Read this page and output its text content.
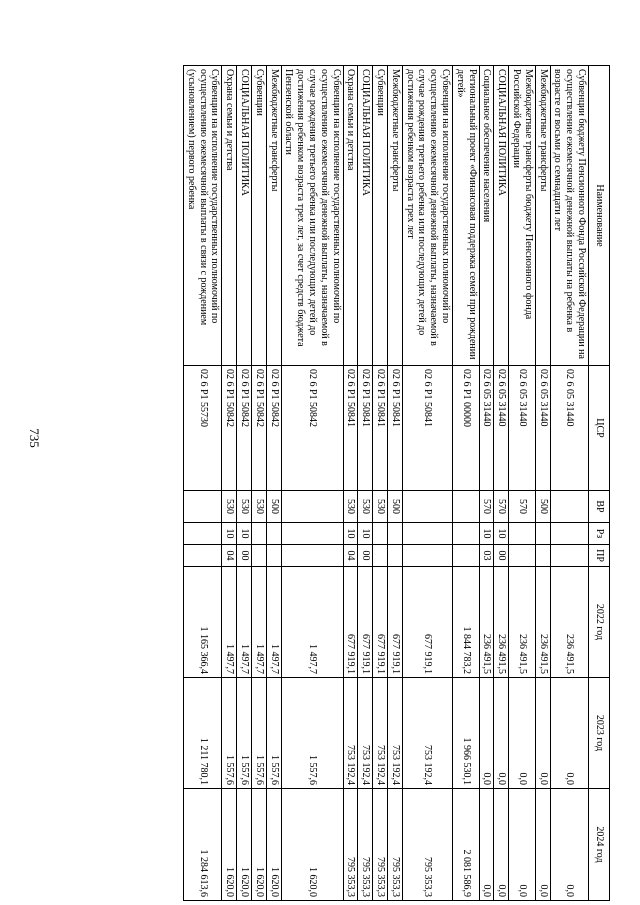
735
Наименование	ЦСР	ВР	Рз	ПР	2022 год	2023 год	2024 год
Субвенции бюджету Пенсионного Фонда Российской Федерации на осуществление ежемесячной денежной выплаты на ребенка в возрасте от восьми до семнадцати лет	02 6 05 31440				236 491,5	0,0	0,0
Межбюджетные трансферты	02 6 05 31440	500			236 491,5	0,0	0,0
Межбюджетные трансферты бюджету Пенсионного фонда Российской Федерации	02 6 05 31440	570			236 491,5	0,0	0,0
СОЦИАЛЬНАЯ ПОЛИТИКА	02 6 05 31440	570	10	00	236 491,5	0,0	0,0
Социальное обеспечение населения	02 6 05 31440	570	10	03	236 491,5	0,0	0,0
Региональный проект «Финансовая поддержка семей при рождении детей»	02 6 P1 00000				1 844 783,2	1 966 530,1	2 081 586,9
Субвенции на исполнение государственных полномочий по осуществлению ежемесячной денежной выплаты, назначаемой в случае рождения третьего ребенка или последующих детей до достижения ребенком возраста трех лет	02 6 P1 50841				677 919,1	753 192,4	795 353,3
Межбюджетные трансферты	02 6 P1 50841	500			677 919,1	753 192,4	795 353,3
Субвенции	02 6 P1 50841	530			677 919,1	753 192,4	795 353,3
СОЦИАЛЬНАЯ ПОЛИТИКА	02 6 P1 50841	530	10	00	677 919,1	753 192,4	795 353,3
Охрана семьи и детства	02 6 P1 50841	530	10	04	677 919,1	753 192,4	795 353,3
Субвенции на исполнение государственных полномочий по осуществлению ежемесячной денежной выплаты, назначаемой в случае рождения третьего ребенка или последующих детей до достижения ребенком возраста трех лет, за счет средств бюджета Пензенской области	02 6 P1 50842				1 497,7	1 557,6	1 620,0
Межбюджетные трансферты	02 6 P1 50842	500			1 497,7	1 557,6	1 620,0
Субвенции	02 6 P1 50842	530			1 497,7	1 557,6	1 620,0
СОЦИАЛЬНАЯ ПОЛИТИКА	02 6 P1 50842	530	10	00	1 497,7	1 557,6	1 620,0
Охрана семьи и детства	02 6 P1 50842	530	10	04	1 497,7	1 557,6	1 620,0
Субвенции на исполнение государственных полномочий по осуществлению ежемесячной выплаты в связи с рождением (усыновлением) первого ребенка	02 6 P1 55730				1 165 366,4	1 211 780,1	1 284 613,6
